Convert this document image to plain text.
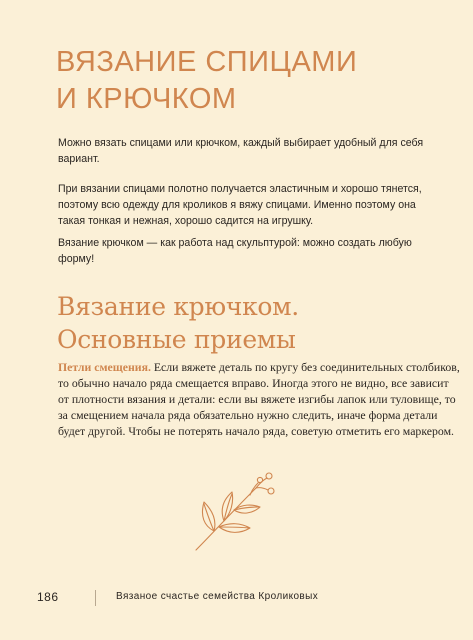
ВЯЗАНИЕ СПИЦАМИ
И КРЮЧКОМ

Можно вязать спицами или крючком, каждый выбирает удобный для себя вариант.

При вязании спицами полотно получается эластичным и хорошо тянется, поэтому всю одежду для кроликов я вяжу спицами. Именно поэтому она такая тонкая и нежная, хорошо садится на игрушку.

Вязание крючком — как работа над скульптурой: можно создать любую форму!

Вязание крючком.
Основные приемы

Петли смещения. Если вяжете деталь по кругу без соединительных столбиков, то обычно начало ряда смещается вправо. Иногда этого не видно, все зависит от плотности вязания и детали: если вы вяжете изгибы лапок или туловище, то за смещением начала ряда обязательно нужно следить, иначе форма детали будет другой. Чтобы не потерять начало ряда, советую отметить его маркером.

186	Вязаное счастье семейства Кроликовых
